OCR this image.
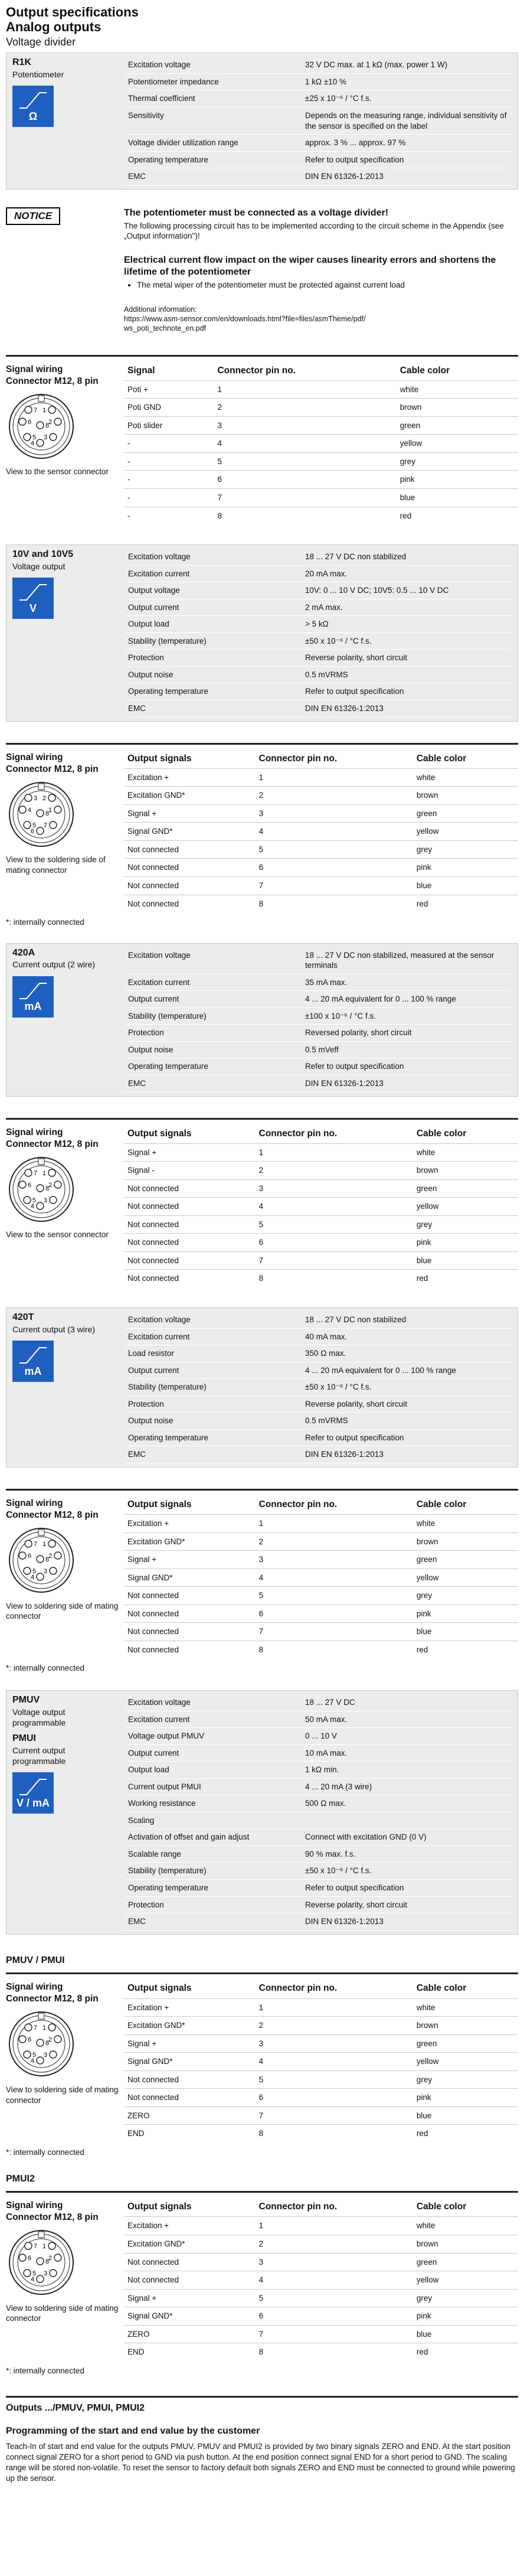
Output specifications
Analog outputs
Voltage divider
R1K
Potentiometer
Ω
Excitation voltage	32 V DC max. at 1 kΩ (max. power 1 W)
Potentiometer impedance	1 kΩ ±10 %
Thermal coefficient	±25 x 10⁻⁶ / °C f.s.
Sensitivity	Depends on the measuring range, individual sensitivity of the sensor is specified on the label
Voltage divider utilization range	approx. 3 % ... approx. 97 %
Operating temperature	Refer to output specification
EMC	DIN EN 61326-1:2013
NOTICE	The potentiometer must be connected as a voltage divider!

The following processing circuit has to be implemented according to the circuit scheme in the Appendix (see „Output information")!

Electrical current flow impact on the wiper causes linearity errors and shortens the lifetime of the potentiometer
• The metal wiper of the potentiometer must be protected against current load
Additional information:
https://www.asm-sensor.com/en/downloads.html?file=files/asmTheme/pdf/
ws_poti_technote_en.pdf
Signal wiring
Connector M12, 8 pin
1
2
3
4
5
6
7
8
View to the sensor connector
Signal	Connector pin no.	Cable color
Poti +	1	white
Poti GND	2	brown
Poti slider	3	green
-	4	yellow
-	5	grey
-	6	pink
-	7	blue
-	8	red
10V and 10V5
Voltage output
V
Excitation voltage	18 ... 27 V DC non stabilized
Excitation current	20 mA max.
Output voltage	10V: 0 ... 10 V DC; 10V5: 0.5 ... 10 V DC
Output current	2 mA max.
Output load	> 5 kΩ
Stability (temperature)	±50 x 10⁻⁶ / °C f.s.
Protection	Reverse polarity, short circuit
Output noise	0.5 mVRMS
Operating temperature	Refer to output specification
EMC	DIN EN 61326-1:2013
Signal wiring
Connector M12, 8 pin
2
1
7
6
5
4
3
8
View to the soldering side of mating connector
Output signals	Connector pin no.	Cable color
Excitation +	1	white
Excitation GND*	2	brown
Signal +	3	green
Signal GND*	4	yellow
Not connected	5	grey
Not connected	6	pink
Not connected	7	blue
Not connected	8	red
*: internally connected
420A
Current output (2 wire)
mA
Excitation voltage	18 ... 27 V DC non stabilized, measured at the sensor terminals
Excitation current	35 mA max.
Output current	4 ... 20 mA equivalent for 0 ... 100 % range
Stability (temperature)	±100 x 10⁻⁶ / °C f.s.
Protection	Reversed polarity, short circuit
Output noise	0.5 mVeff
Operating temperature	Refer to output specification
EMC	DIN EN 61326-1:2013
Signal wiring
Connector M12, 8 pin
1
2
3
4
5
6
7
8
View to the sensor connector
Output signals	Connector pin no.	Cable color
Signal +	1	white
Signal -	2	brown
Not connected	3	green
Not connected	4	yellow
Not connected	5	grey
Not connected	6	pink
Not connected	7	blue
Not connected	8	red
420T
Current output (3 wire)
mA
Excitation voltage	18 ... 27 V DC non stabilized
Excitation current	40 mA max.
Load resistor	350 Ω max.
Output current	4 ... 20 mA equivalent for 0 ... 100 % range
Stability (temperature)	±50 x 10⁻⁶ / °C f.s.
Protection	Reverse polarity, short circuit
Output noise	0.5 mVRMS
Operating temperature	Refer to output specification
EMC	DIN EN 61326-1:2013
Signal wiring
Connector M12, 8 pin
1
2
3
4
5
6
7
8
View to soldering side of mating connector
Output signals	Connector pin no.	Cable color
Excitation +	1	white
Excitation GND*	2	brown
Signal +	3	green
Signal GND*	4	yellow
Not connected	5	grey
Not connected	6	pink
Not connected	7	blue
Not connected	8	red
*: internally connected
PMUV
Voltage output programmable
PMUI
Current output programmable
V / mA
Excitation voltage	18 ... 27 V DC
Excitation current	50 mA max.
Voltage output PMUV	0 ... 10 V
Output current	10 mA max.
Output load	1 kΩ min.
Current output PMUI	4 ... 20 mA (3 wire)
Working resistance	500 Ω max.
Scaling	
Activation of offset and gain adjust	Connect with excitation GND (0 V)
Scalable range	90 % max. f.s.
Stability (temperature)	±50 x 10⁻⁶ / °C f.s.
Operating temperature	Refer to output specification
Protection	Reverse polarity, short circuit
EMC	DIN EN 61326-1:2013
PMUV / PMUI
Signal wiring
Connector M12, 8 pin
1
2
3
4
5
6
7
8
View to soldering side of mating connector
Output signals	Connector pin no.	Cable color
Excitation +	1	white
Excitation GND*	2	brown
Signal +	3	green
Signal GND*	4	yellow
Not connected	5	grey
Not connected	6	pink
ZERO	7	blue
END	8	red
*: internally connected
PMUI2
Signal wiring
Connector M12, 8 pin
1
2
3
4
5
6
7
8
View to soldering side of mating connector
Output signals	Connector pin no.	Cable color
Excitation +	1	white
Excitation GND*	2	brown
Not connected	3	green
Not connected	4	yellow
Signal +	5	grey
Signal GND*	6	pink
ZERO	7	blue
END	8	red
*: internally connected
Outputs .../PMUV, PMUI, PMUI2
Programming of the start and end value by the customer

Teach-In of start and end value for the outputs PMUV, PMUV and PMUI2 is provided by two binary signals ZERO and END. At the start position connect signal ZERO for a short period to GND via push button. At the end position connect signal END for a short period to GND. The scaling range will be stored non-volatile. To reset the sensor to factory default both signals ZERO and END must be connected to ground while powering up the sensor.
